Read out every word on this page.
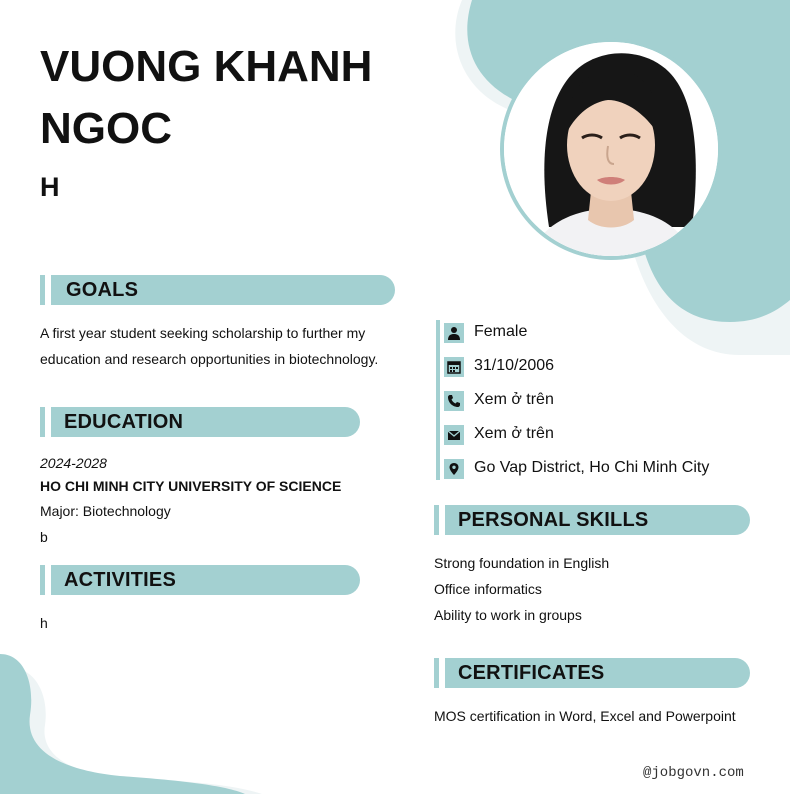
VUONG KHANH NGOC
H
GOALS
A first year student seeking scholarship to further my education and research opportunities in biotechnology.
EDUCATION
2024-2028
HO CHI MINH CITY UNIVERSITY OF SCIENCE
Major: Biotechnology
b
ACTIVITIES
h
Female
31/10/2006
Xem ở trên
Xem ở trên
Go Vap District, Ho Chi Minh City
PERSONAL SKILLS
Strong foundation in English
Office informatics
Ability to work in groups
CERTIFICATES
MOS certification in Word, Excel and Powerpoint
@jobgovn.com
